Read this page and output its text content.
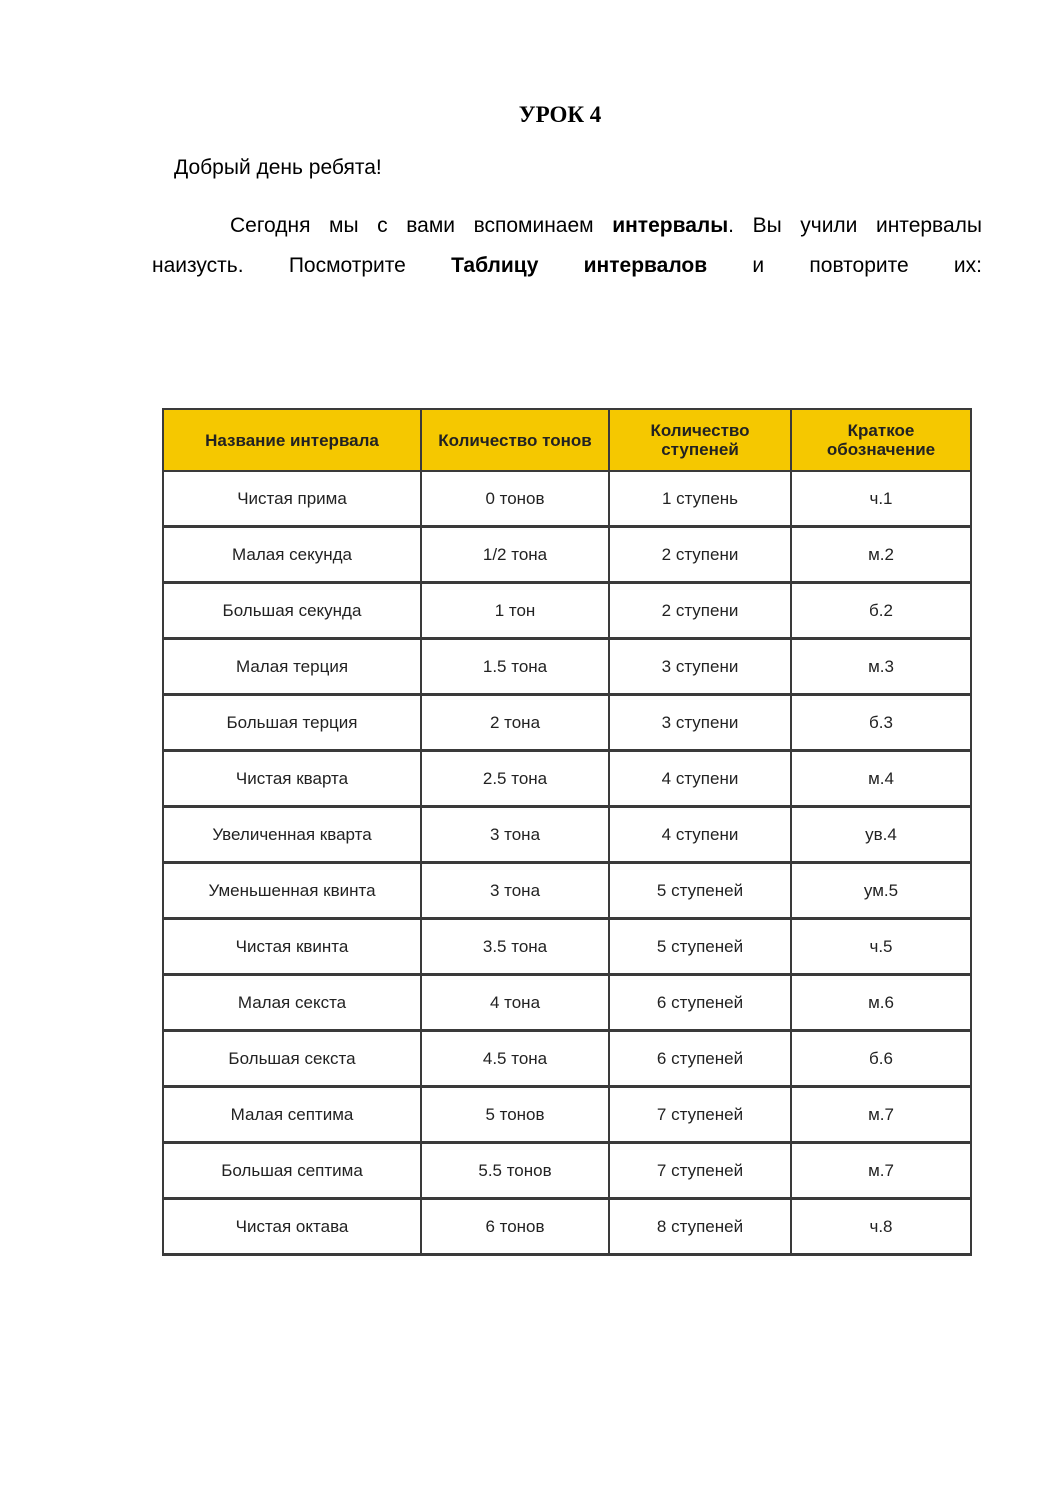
УРОК 4
Добрый день ребята!
Сегодня мы с вами вспоминаем интервалы. Вы учили интервалы
наизусть. Посмотрите Таблицу интервалов и повторите их:
Название интервала	Количество тонов	Количество ступеней	Краткое обозначение
Чистая прима	0 тонов	1 ступень	ч.1
Малая секунда	1/2 тона	2 ступени	м.2
Большая секунда	1 тон	2 ступени	б.2
Малая терция	1.5 тона	3 ступени	м.3
Большая терция	2 тона	3 ступени	б.3
Чистая кварта	2.5 тона	4 ступени	м.4
Увеличенная кварта	3 тона	4 ступени	ув.4
Уменьшенная квинта	3 тона	5 ступеней	ум.5
Чистая квинта	3.5 тона	5 ступеней	ч.5
Малая секста	4 тона	6 ступеней	м.6
Большая секста	4.5 тона	6 ступеней	б.6
Малая септима	5 тонов	7 ступеней	м.7
Большая септима	5.5 тонов	7 ступеней	м.7
Чистая октава	6 тонов	8 ступеней	ч.8
